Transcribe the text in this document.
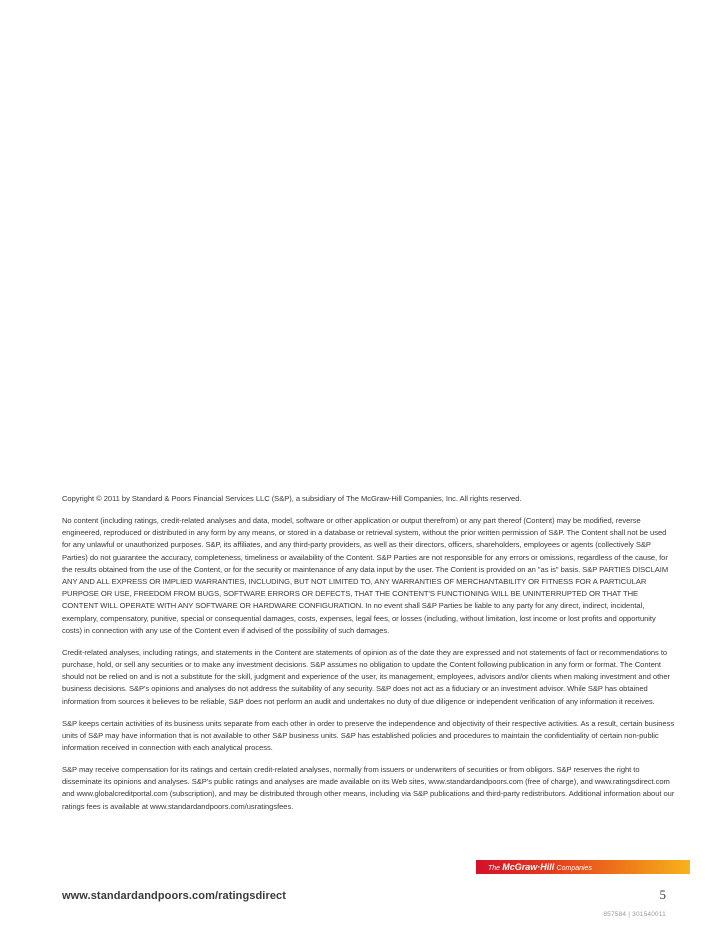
Copyright © 2011 by Standard & Poors Financial Services LLC (S&P), a subsidiary of The McGraw-Hill Companies, Inc. All rights reserved.

No content (including ratings, credit-related analyses and data, model, software or other application or output therefrom) or any part thereof (Content) may be modified, reverse engineered, reproduced or distributed in any form by any means, or stored in a database or retrieval system, without the prior written permission of S&P. The Content shall not be used for any unlawful or unauthorized purposes. S&P, its affiliates, and any third-party providers, as well as their directors, officers, shareholders, employees or agents (collectively S&P Parties) do not guarantee the accuracy, completeness, timeliness or availability of the Content. S&P Parties are not responsible for any errors or omissions, regardless of the cause, for the results obtained from the use of the Content, or for the security or maintenance of any data input by the user. The Content is provided on an "as is" basis. S&P PARTIES DISCLAIM ANY AND ALL EXPRESS OR IMPLIED WARRANTIES, INCLUDING, BUT NOT LIMITED TO, ANY WARRANTIES OF MERCHANTABILITY OR FITNESS FOR A PARTICULAR PURPOSE OR USE, FREEDOM FROM BUGS, SOFTWARE ERRORS OR DEFECTS, THAT THE CONTENT'S FUNCTIONING WILL BE UNINTERRUPTED OR THAT THE CONTENT WILL OPERATE WITH ANY SOFTWARE OR HARDWARE CONFIGURATION. In no event shall S&P Parties be liable to any party for any direct, indirect, incidental, exemplary, compensatory, punitive, special or consequential damages, costs, expenses, legal fees, or losses (including, without limitation, lost income or lost profits and opportunity costs) in connection with any use of the Content even if advised of the possibility of such damages.

Credit-related analyses, including ratings, and statements in the Content are statements of opinion as of the date they are expressed and not statements of fact or recommendations to purchase, hold, or sell any securities or to make any investment decisions. S&P assumes no obligation to update the Content following publication in any form or format. The Content should not be relied on and is not a substitute for the skill, judgment and experience of the user, its management, employees, advisors and/or clients when making investment and other business decisions. S&P's opinions and analyses do not address the suitability of any security. S&P does not act as a fiduciary or an investment advisor. While S&P has obtained information from sources it believes to be reliable, S&P does not perform an audit and undertakes no duty of due diligence or independent verification of any information it receives.

S&P keeps certain activities of its business units separate from each other in order to preserve the independence and objectivity of their respective activities. As a result, certain business units of S&P may have information that is not available to other S&P business units. S&P has established policies and procedures to maintain the confidentiality of certain non-public information received in connection with each analytical process.

S&P may receive compensation for its ratings and certain credit-related analyses, normally from issuers or underwriters of securities or from obligors. S&P reserves the right to disseminate its opinions and analyses. S&P's public ratings and analyses are made available on its Web sites, www.standardandpoors.com (free of charge), and www.ratingsdirect.com and www.globalcreditportal.com (subscription), and may be distributed through other means, including via S&P publications and third-party redistributors. Additional information about our ratings fees is available at www.standardandpoors.com/usratingsfees.

The McGraw·Hill Companies
www.standardandpoors.com/ratingsdirect	5
857584 | 301540011
